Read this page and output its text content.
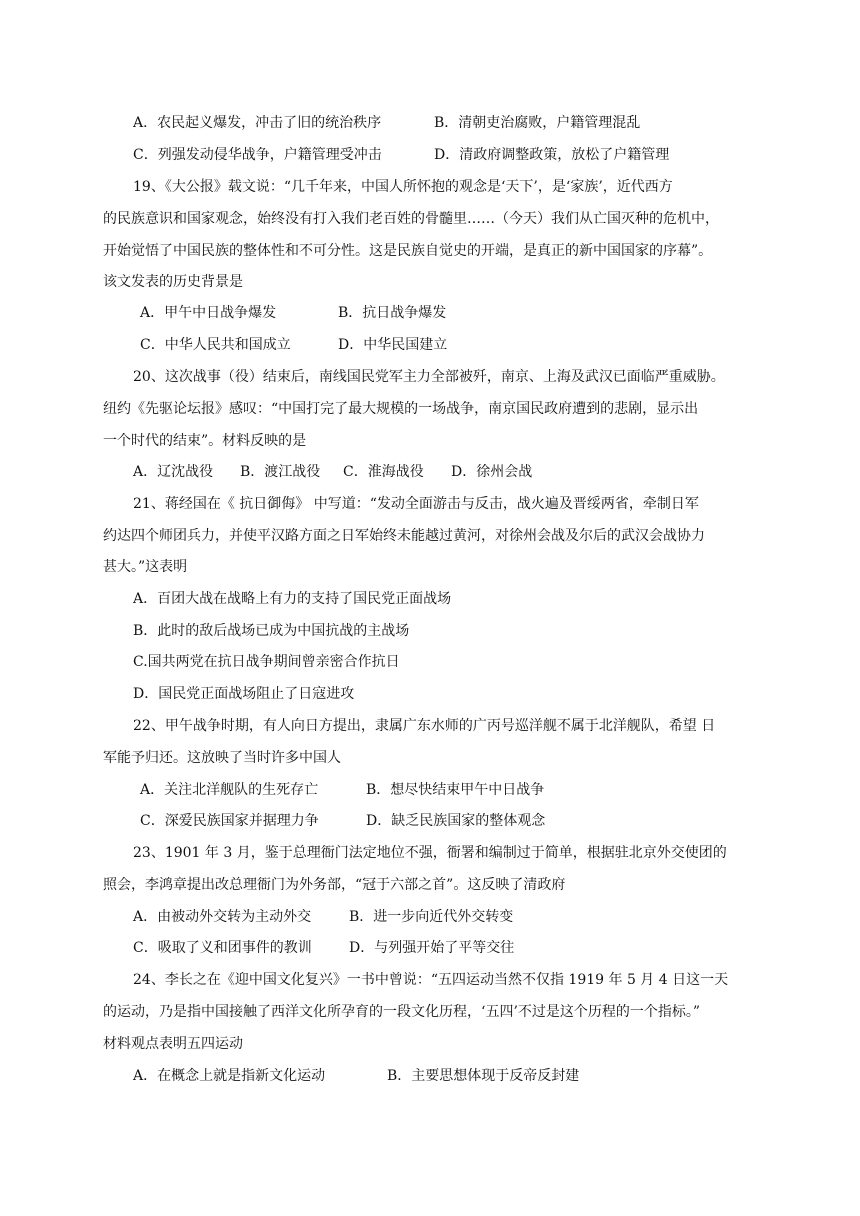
A．农民起义爆发，冲击了旧的统治秩序	B．清朝吏治腐败，户籍管理混乱
C．列强发动侵华战争，户籍管理受冲击	D．清政府调整政策，放松了户籍管理
19、《大公报》载文说：“几千年来，中国人所怀抱的观念是‘天下’，是‘家族’，近代西方
的民族意识和国家观念，始终没有打入我们老百姓的骨髓里……（今天）我们从亡国灭种的危机中，
开始觉悟了中国民族的整体性和不可分性。这是民族自觉史的开端，是真正的新中国国家的序幕”。
该文发表的历史背景是
A．甲午中日战争爆发	B．抗日战争爆发
C．中华人民共和国成立	D．中华民国建立
20、这次战事（役）结束后，南线国民党军主力全部被歼，南京、上海及武汉已面临严重威胁。
纽约《先驱论坛报》感叹：“中国打完了最大规模的一场战争，南京国民政府遭到的悲剧，显示出
一个时代的结束”。材料反映的是
A．辽沈战役 B．渡江战役 C．淮海战役 D．徐州会战
21、蒋经国在《 抗日御侮》 中写道：“发动全面游击与反击，战火遍及晋绥两省，牵制日军
约达四个师团兵力，并使平汉路方面之日军始终未能越过黄河，对徐州会战及尔后的武汉会战协力
甚大。”这表明
A．百团大战在战略上有力的支持了国民党正面战场
B．此时的敌后战场已成为中国抗战的主战场
C.国共两党在抗日战争期间曾亲密合作抗日
D．国民党正面战场阻止了日寇进攻
22、甲午战争时期，有人向日方提出，隶属广东水师的广丙号巡洋舰不属于北洋舰队，希望 日
军能予归还。这放映了当时许多中国人
A．关注北洋舰队的生死存亡	B．想尽快结束甲午中日战争
C．深爱民族国家并据理力争	D．缺乏民族国家的整体观念
23、1901 年 3 月，鉴于总理衙门法定地位不强，衙署和编制过于简单，根据驻北京外交使团的
照会，李鸿章提出改总理衙门为外务部，“冠于六部之首”。这反映了清政府
A．由被动外交转为主动外交	B．进一步向近代外交转变
C．吸取了义和团事件的教训	D．与列强开始了平等交往
24、李长之在《迎中国文化复兴》一书中曾说：“五四运动当然不仅指 1919 年 5 月 4 日这一天
的运动，乃是指中国接触了西洋文化所孕育的一段文化历程，‘五四’不过是这个历程的一个指标。”
材料观点表明五四运动
A．在概念上就是指新文化运动	B．主要思想体现于反帝反封建
